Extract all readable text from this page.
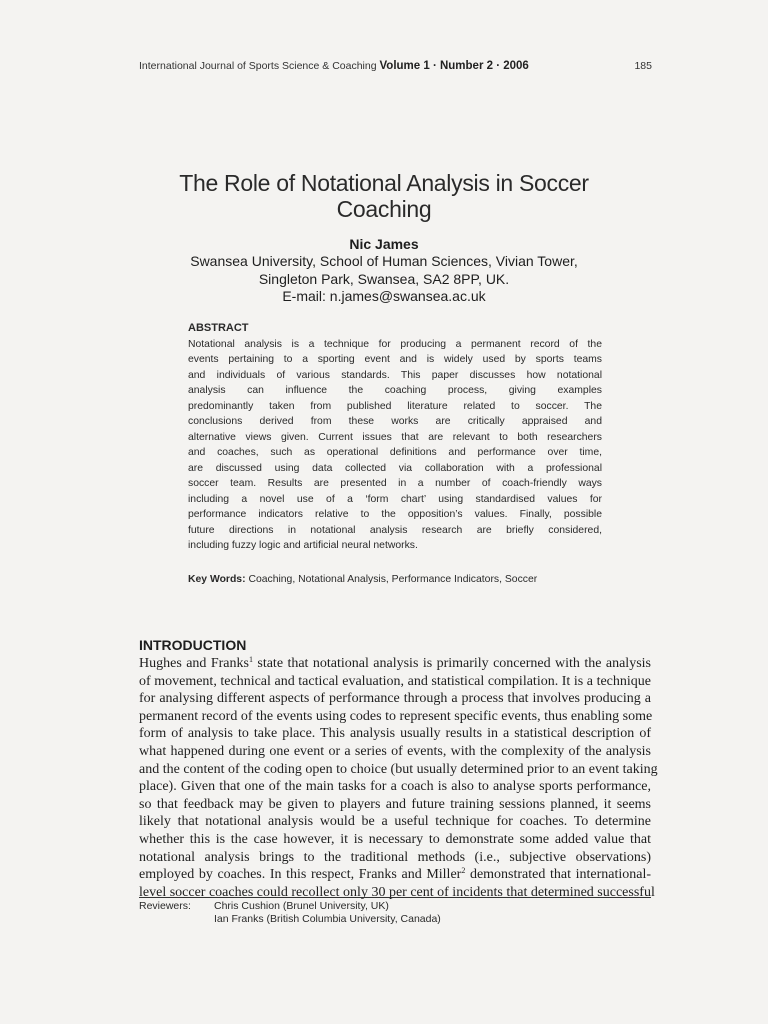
International Journal of Sports Science & Coaching Volume 1 · Number 2 · 2006	185
The Role of Notational Analysis in Soccer
Coaching
Nic James
Swansea University, School of Human Sciences, Vivian Tower,
Singleton Park, Swansea, SA2 8PP, UK.
E-mail: n.james@swansea.ac.uk
ABSTRACT
Notational analysis is a technique for producing a permanent record of the
events pertaining to a sporting event and is widely used by sports teams
and individuals of various standards. This paper discusses how notational
analysis can influence the coaching process, giving examples
predominantly taken from published literature related to soccer. The
conclusions derived from these works are critically appraised and
alternative views given. Current issues that are relevant to both researchers
and coaches, such as operational definitions and performance over time,
are discussed using data collected via collaboration with a professional
soccer team. Results are presented in a number of coach-friendly ways
including a novel use of a ‘form chart’ using standardised values for
performance indicators relative to the opposition’s values. Finally, possible
future directions in notational analysis research are briefly considered,
including fuzzy logic and artificial neural networks.
Key Words: Coaching, Notational Analysis, Performance Indicators, Soccer
INTRODUCTION
Hughes and Franks$^1$ state that notational analysis is primarily concerned with the analysis
of movement, technical and tactical evaluation, and statistical compilation. It is a technique
for analysing different aspects of performance through a process that involves producing a
permanent record of the events using codes to represent specific events, thus enabling some
form of analysis to take place. This analysis usually results in a statistical description of
what happened during one event or a series of events, with the complexity of the analysis
and the content of the coding open to choice (but usually determined prior to an event taking
place). Given that one of the main tasks for a coach is also to analyse sports performance,
so that feedback may be given to players and future training sessions planned, it seems
likely that notational analysis would be a useful technique for coaches. To determine
whether this is the case however, it is necessary to demonstrate some added value that
notational analysis brings to the traditional methods (i.e., subjective observations)
employed by coaches. In this respect, Franks and Miller$^2$ demonstrated that international-
level soccer coaches could recollect only 30 per cent of incidents that determined successful
Reviewers: Chris Cushion (Brunel University, UK)
Ian Franks (British Columbia University, Canada)
